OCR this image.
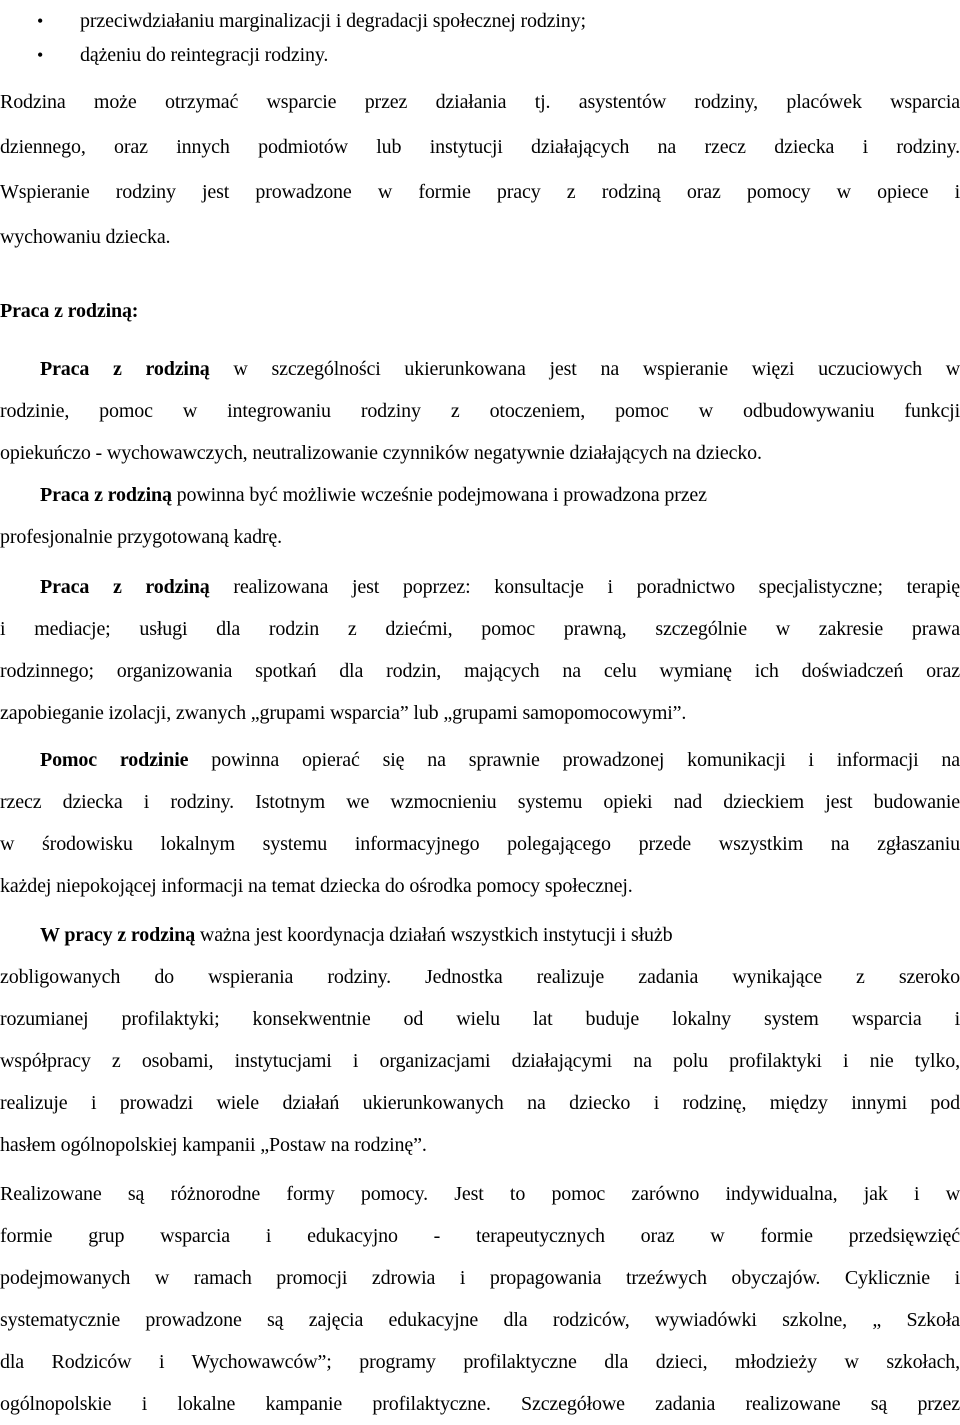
• przeciwdziałaniu marginalizacji i degradacji społecznej rodziny;
• dążeniu do reintegracji rodziny.
Rodzina może otrzymać wsparcie przez działania tj. asystentów rodziny, placówek wsparcia
dziennego, oraz innych podmiotów lub instytucji działających na rzecz dziecka i rodziny.
Wspieranie rodziny jest prowadzone w formie pracy z rodziną oraz pomocy w opiece i
wychowaniu dziecka.
Praca z rodziną:
Praca z rodziną w szczególności ukierunkowana jest na wspieranie więzi uczuciowych w
rodzinie, pomoc w integrowaniu rodziny z otoczeniem, pomoc w odbudowywaniu funkcji
opiekuńczo - wychowawczych, neutralizowanie czynników negatywnie działających na dziecko.
Praca z rodziną powinna być możliwie wcześnie podejmowana i prowadzona przez
profesjonalnie przygotowaną kadrę.
Praca z rodziną realizowana jest poprzez: konsultacje i poradnictwo specjalistyczne; terapię
i mediacje; usługi dla rodzin z dziećmi, pomoc prawną, szczególnie w zakresie prawa
rodzinnego; organizowania spotkań dla rodzin, mających na celu wymianę ich doświadczeń oraz
zapobieganie izolacji, zwanych „grupami wsparcia” lub „grupami samopomocowymi”.
Pomoc rodzinie powinna opierać się na sprawnie prowadzonej komunikacji i informacji na
rzecz dziecka i rodziny. Istotnym we wzmocnieniu systemu opieki nad dzieckiem jest budowanie
w środowisku lokalnym systemu informacyjnego polegającego przede wszystkim na zgłaszaniu
każdej niepokojącej informacji na temat dziecka do ośrodka pomocy społecznej.
W pracy z rodziną ważna jest koordynacja działań wszystkich instytucji i służb
zobligowanych do wspierania rodziny. Jednostka realizuje zadania wynikające z szeroko
rozumianej profilaktyki; konsekwentnie od wielu lat buduje lokalny system wsparcia i
współpracy z osobami, instytucjami i organizacjami działającymi na polu profilaktyki i nie tylko,
realizuje i prowadzi wiele działań ukierunkowanych na dziecko i rodzinę, między innymi pod
hasłem ogólnopolskiej kampanii „Postaw na rodzinę”.
Realizowane są różnorodne formy pomocy. Jest to pomoc zarówno indywidualna, jak i w
formie grup wsparcia i edukacyjno - terapeutycznych oraz w formie przedsięwzięć
podejmowanych w ramach promocji zdrowia i propagowania trzeźwych obyczajów. Cyklicznie i
systematycznie prowadzone są zajęcia edukacyjne dla rodziców, wywiadówki szkolne, „ Szkoła
dla Rodziców i Wychowawców”; programy profilaktyczne dla dzieci, młodzieży w szkołach,
ogólnopolskie i lokalne kampanie profilaktyczne. Szczegółowe zadania realizowane są przez
